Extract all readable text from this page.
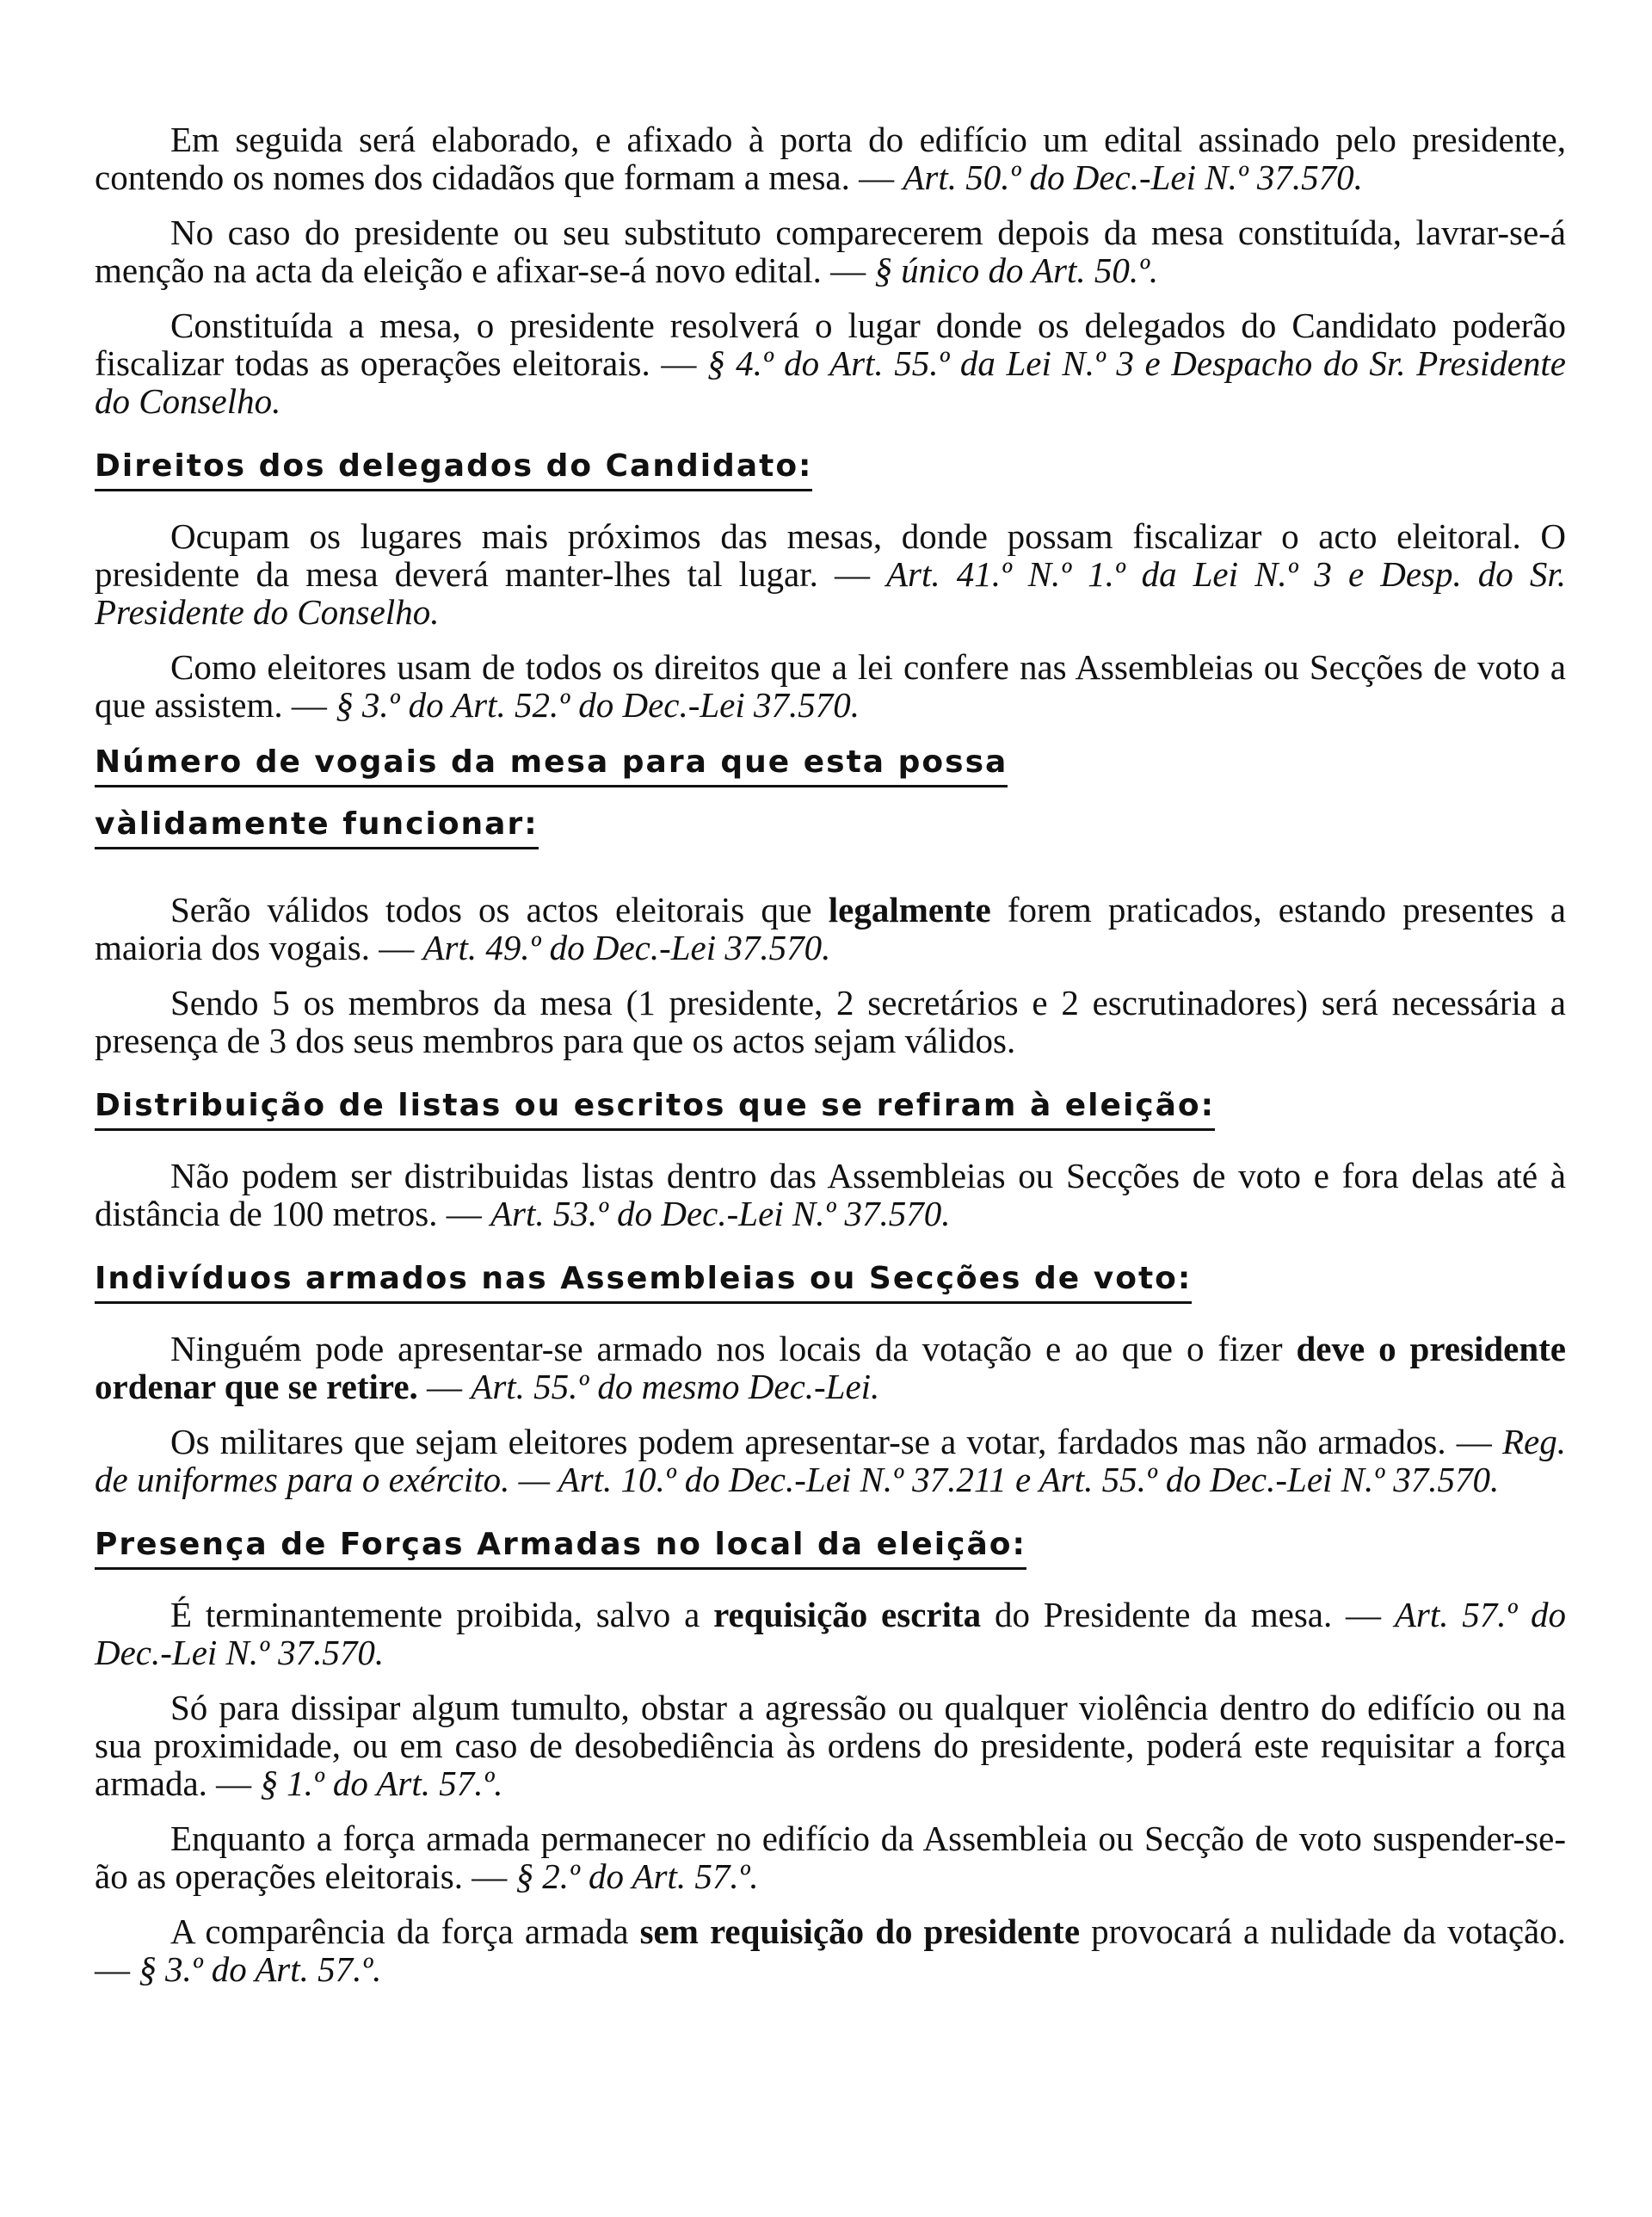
Em seguida será elaborado, e afixado à porta do edifício um edital assinado pelo presidente, contendo os nomes dos cidadãos que formam a mesa. — Art. 50.º do Dec.-Lei N.º 37.570.

No caso do presidente ou seu substituto comparecerem depois da mesa constituída, lavrar-se-á menção na acta da eleição e afixar-se-á novo edital. — § único do Art. 50.º.

Constituída a mesa, o presidente resolverá o lugar donde os delegados do Candidato poderão fiscalizar todas as operações eleitorais. — § 4.º do Art. 55.º da Lei N.º 3 e Despacho do Sr. Presidente do Conselho.

Direitos dos delegados do Candidato:

Ocupam os lugares mais próximos das mesas, donde possam fiscalizar o acto eleitoral. O presidente da mesa deverá manter-lhes tal lugar. — Art. 41.º N.º 1.º da Lei N.º 3 e Desp. do Sr. Presidente do Conselho.

Como eleitores usam de todos os direitos que a lei confere nas Assembleias ou Secções de voto a que assistem. — § 3.º do Art. 52.º do Dec.-Lei 37.570.

Número de vogais da mesa para que esta possa
vàlidamente funcionar:

Serão válidos todos os actos eleitorais que legalmente forem praticados, estando presentes a maioria dos vogais. — Art. 49.º do Dec.-Lei 37.570.

Sendo 5 os membros da mesa (1 presidente, 2 secretários e 2 escrutinadores) será necessária a presença de 3 dos seus membros para que os actos sejam válidos.

Distribuição de listas ou escritos que se refiram à eleição:

Não podem ser distribuidas listas dentro das Assembleias ou Secções de voto e fora delas até à distância de 100 metros. — Art. 53.º do Dec.-Lei N.º 37.570.

Indivíduos armados nas Assembleias ou Secções de voto:

Ninguém pode apresentar-se armado nos locais da votação e ao que o fizer deve o presidente ordenar que se retire. — Art. 55.º do mesmo Dec.-Lei.

Os militares que sejam eleitores podem apresentar-se a votar, fardados mas não armados. — Reg. de uniformes para o exército. — Art. 10.º do Dec.-Lei N.º 37.211 e Art. 55.º do Dec.-Lei N.º 37.570.

Presença de Forças Armadas no local da eleição:

É terminantemente proibida, salvo a requisição escrita do Presidente da mesa. — Art. 57.º do Dec.-Lei N.º 37.570.

Só para dissipar algum tumulto, obstar a agressão ou qualquer violência dentro do edifício ou na sua proximidade, ou em caso de desobediência às ordens do presidente, poderá este requisitar a força armada. — § 1.º do Art. 57.º.

Enquanto a força armada permanecer no edifício da Assembleia ou Secção de voto suspender-se-ão as operações eleitorais. — § 2.º do Art. 57.º.

A comparência da força armada sem requisição do presidente provocará a nulidade da votação. — § 3.º do Art. 57.º.
